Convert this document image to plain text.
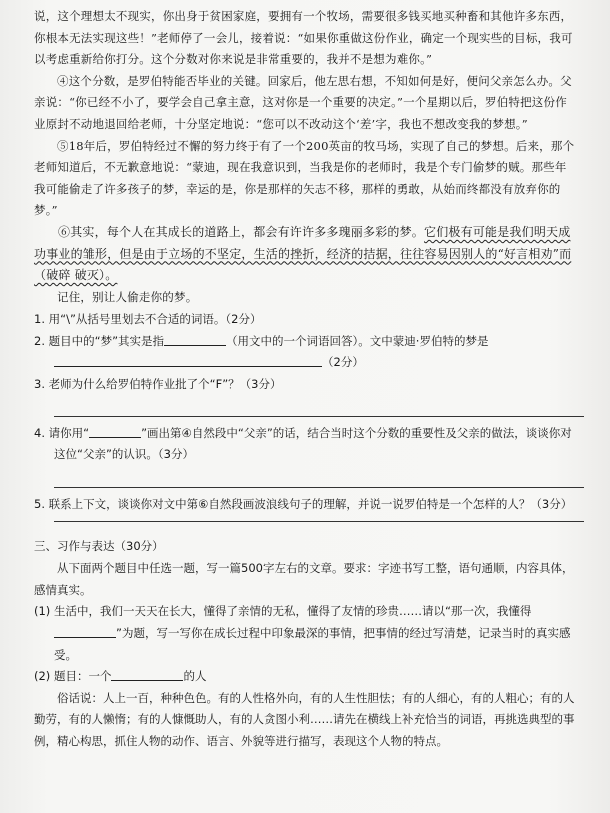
说，这个理想太不现实，你出身于贫困家庭，要拥有一个牧场，需要很多钱买地买种畜和其他许多东西，你根本无法实现这些！”老师停了一会儿，接着说：“如果你重做这份作业，确定一个现实些的目标，我可以考虑重新给你打分。这个分数对你来说是非常重要的，我并不是想为难你。”

④这个分数，是罗伯特能否毕业的关键。回家后，他左思右想，不知如何是好，便问父亲怎么办。父亲说：“你已经不小了，要学会自己拿主意，这对你是一个重要的决定。”一个星期以后，罗伯特把这份作业原封不动地退回给老师，十分坚定地说：“您可以不改动这个‘差’字，我也不想改变我的梦想。”

⑤18年后，罗伯特经过不懈的努力终于有了一个200英亩的牧马场，实现了自己的梦想。后来，那个老师知道后，不无歉意地说：“蒙迪，现在我意识到，当我是你的老师时，我是个专门偷梦的贼。那些年我可能偷走了许多孩子的梦，幸运的是，你是那样的矢志不移，那样的勇敢，从始而终都没有放弃你的梦。”

⑥其实，每个人在其成长的道路上，都会有许许多多瑰丽多彩的梦。它们极有可能是我们明天成功事业的雏形，但是由于立场的不坚定，生活的挫折，经济的拮据，往往容易因别人的“好言相劝”而（破碎 破灭）。

记住，别让人偷走你的梦。

1. 用“\”从括号里划去不合适的词语。（2分）

2. 题目中的“梦”其实是指	（用文中的一个词语回答）。文中蒙迪·罗伯特的梦是（2分）

3. 老师为什么给罗伯特作业批了个“F”？（3分）

4. 请你用“	”画出第④自然段中“父亲”的话，结合当时这个分数的重要性及父亲的做法，谈谈你对这位“父亲”的认识。（3分）

5. 联系上下文，谈谈你对文中第⑥自然段画波浪线句子的理解，并说一说罗伯特是一个怎样的人？（3分）

三、习作与表达（30分）

从下面两个题目中任选一题，写一篇500字左右的文章。要求：字迹书写工整，语句通顺，内容具体，感情真实。

(1) 生活中，我们一天天在长大，懂得了亲情的无私，懂得了友情的珍贵……请以“那一次，我懂得”为题，写一写你在成长过程中印象最深的事情，把事情的经过写清楚，记录当时的真实感受。

(2) 题目：一个	的人

俗话说：人上一百，种种色色。有的人性格外向，有的人生性胆怯；有的人细心，有的人粗心；有的人勤劳，有的人懒惰；有的人慷慨助人，有的人贪图小利……请先在横线上补充恰当的词语，再挑选典型的事例，精心构思，抓住人物的动作、语言、外貌等进行描写，表现这个人物的特点。
